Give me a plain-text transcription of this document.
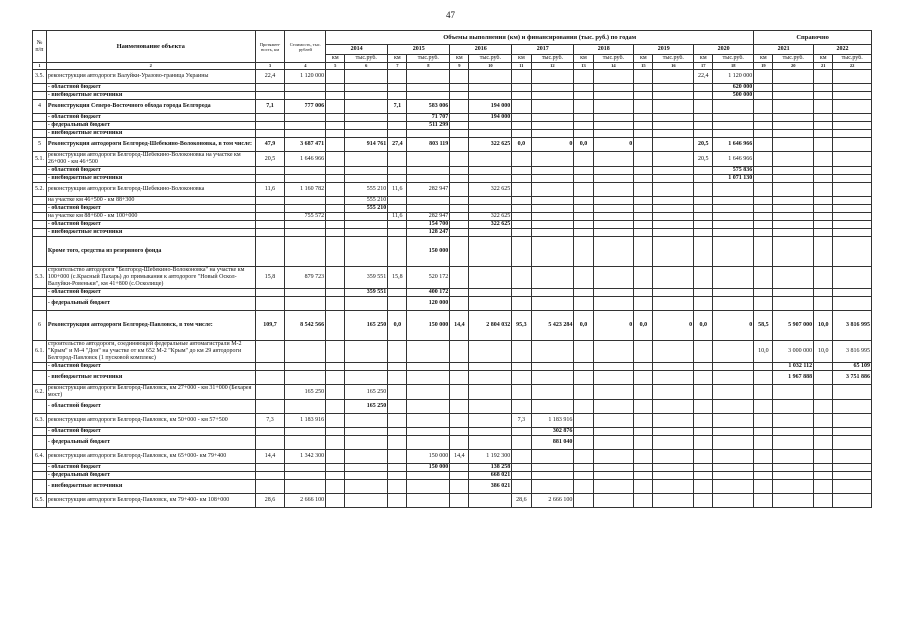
47
№ п/п	Наименование объекта	Протяжен-ность, км	Стоимость, тыс. рублей	Объемы выполнения (км) и финансирования (тыс. руб.) по годам														Справочно			
				2014		2015		2016		2017		2018		2019		2020		2021		2022	
				км	тыс.руб.	км	тыс.руб.	км	тыс.руб.	км	тыс.руб.	км	тыс.руб.	км	тыс.руб.	км	тыс.руб.	км	тыс.руб.	км	тыс.руб.
1	2	3	4	5	6	7	8	9	10	11	12	13	14	15	16	17	18	19	20	21	22
3.5.	реконструкция автодороги Валуйки-Уразово-граница Украины	22,4	1 120 000													22,4	1 120 000				
	- областной бюджет																620 000				
	- внебюджетные источники																500 000				
4	Реконструкция Северо-Восточного обхода города Белгорода	7,1	777 006			7,1	583 006		194 000												
	- областной бюджет						71 707		194 000												
	- федеральный бюджет						511 299														
	- внебюджетные источники																				
5	Реконструкция автодороги Белгород-Шебекино-Волоконовка, в том числе:	47,9	3 687 471		914 761	27,4	803 119		322 625	0,0	0	0,0	0			20,5	1 646 966				
5.1.	реконструкция автодороги Белгород-Шебекино-Волоконовка на участке км 26+000 - км 46+500	20,5	1 646 966													20,5	1 646 966				
	- областной бюджет																575 836				
	- внебюджетные источники																1 071 130				
5.2.	реконструкция автодороги Белгород-Шебекино-Волоконовка	11,6	1 160 782		555 210	11,6	282 947		322 625												
	на участке км 46+500 - км 88+300				555 210																
	- областной бюджет				555 210																
	на участке км 88+600 - км 100+000		755 572			11,6	282 947		322 625												
	- областной бюджет						154 700		322 625												
	- внебюджетные источники						128 247														
	Кроме того, средства из резервного фонда						150 000														
5.3.	строительство автодороги "Белгород-Шебекино-Волоконовка" на участке км 100+000 (с.Красный Пахарь) до примыкания к автодороге "Новый Оскол-Валуйки-Ровеньки", км 41+800 (с.Осколище)	15,8	879 723		359 551	15,8	520 172														
	- областной бюджет				359 551		400 172														
	- федеральный бюджет						120 000														
6	Реконструкция автодороги Белгород-Павловск, в том числе:	109,7	8 542 566		165 250	0,0	150 000	14,4	2 804 032	95,3	5 423 284	0,0	0	0,0	0	0,0	0	58,5	5 907 000	10,0	3 816 995
6.1.	строительство автодороги, соединяющей федеральные автомагистрали М-2 "Крым" и М-4 "Дон" на участке от км 652 М-2 "Крым" до км 29 автодороги Белгород-Павловск (1 пусковой комплекс)																	10,0	3 000 000	10,0	3 816 995
	- областной бюджет																		1 032 112		65 109
	- внебюджетные источники																		1 967 888		3 751 886
6.2.	реконструкция автодороги Белгород-Павловск, км 27+000 - км 31+000 (Бехарея мост)		165 250		165 250																
	- областной бюджет				165 250																
6.3.	реконструкция автодороги Белгород-Павловск, км 50+000 - км 57+500	7,3	1 183 916							7,3	1 183 916										
	- областной бюджет										302 876										
	- федеральный бюджет										881 040										
6.4.	реконструкция автодороги Белгород-Павловск, км 65+000- км 79+400	14,4	1 342 300				150 000	14,4	1 192 300												
	- областной бюджет						150 000		138 258												
	- федеральный бюджет								668 021												
	- внебюджетные источники								386 021												
6.5.	реконструкция автодороги Белгород-Павловск, км 79+400- км 108+000	28,6	2 666 100							28,6	2 666 100										
